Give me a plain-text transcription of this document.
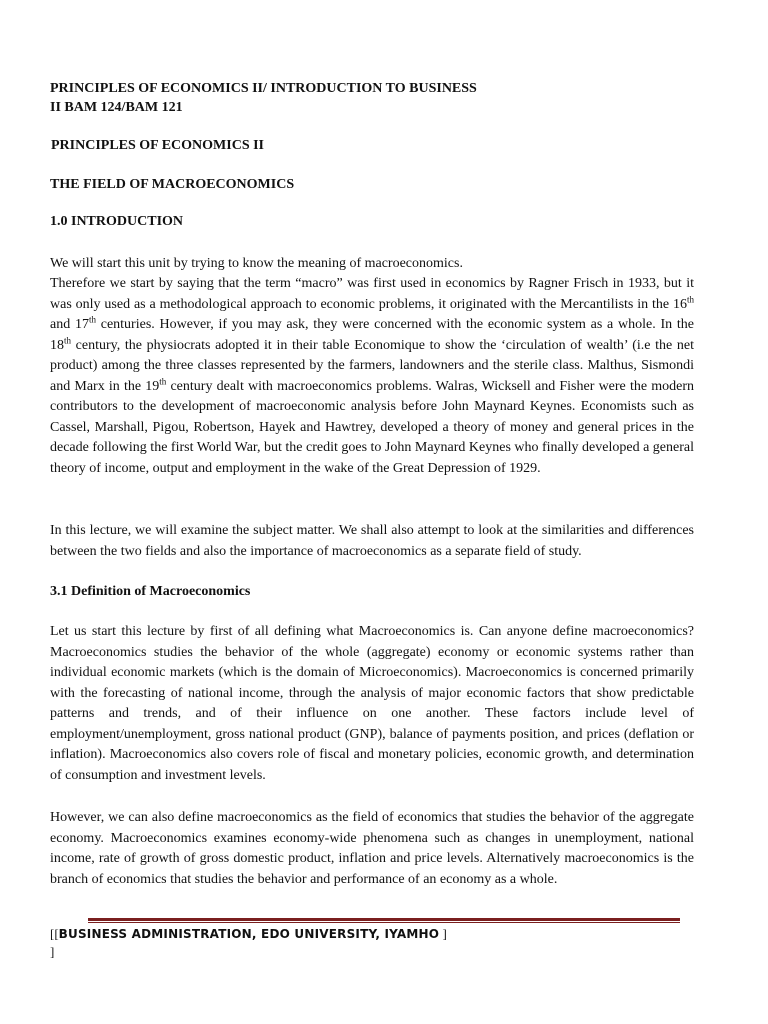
PRINCIPLES OF ECONOMICS II/ INTRODUCTION TO BUSINESS
II BAM 124/BAM 121

PRINCIPLES OF ECONOMICS II

THE FIELD OF MACROECONOMICS

1.0 INTRODUCTION

We will start this unit by trying to know the meaning of macroeconomics.

Therefore we start by saying that the term “macro” was first used in economics by Ragner Frisch in 1933, but it was only used as a methodological approach to economic problems, it originated with the Mercantilists in the 16th and 17th centuries. However, if you may ask, they were concerned with the economic system as a whole. In the 18th century, the physiocrats adopted it in their table Economique to show the ‘circulation of wealth’ (i.e the net product) among the three classes represented by the farmers, landowners and the sterile class. Malthus, Sismondi and Marx in the 19th century dealt with macroeconomics problems. Walras, Wicksell and Fisher were the modern contributors to the development of macroeconomic analysis before John Maynard Keynes. Economists such as Cassel, Marshall, Pigou, Robertson, Hayek and Hawtrey, developed a theory of money and general prices in the decade following the first World War, but the credit goes to John Maynard Keynes who finally developed a general theory of income, output and employment in the wake of the Great Depression of 1929.

In this lecture, we will examine the subject matter. We shall also attempt to look at the similarities and differences between the two fields and also the importance of macroeconomics as a separate field of study.

3.1 Definition of Macroeconomics

Let us start this lecture by first of all defining what Macroeconomics is. Can anyone define macroeconomics? Macroeconomics studies the behavior of the whole (aggregate) economy or economic systems rather than individual economic markets (which is the domain of Microeconomics). Macroeconomics is concerned primarily with the forecasting of national income, through the analysis of major economic factors that show predictable patterns and trends, and of their influence on one another. These factors include level of employment/unemployment, gross national product (GNP), balance of payments position, and prices (deflation or inflation). Macroeconomics also covers role of fiscal and monetary policies, economic growth, and determination of consumption and investment levels.

However, we can also define macroeconomics as the field of economics that studies the behavior of the aggregate economy. Macroeconomics examines economy-wide phenomena such as changes in unemployment, national income, rate of growth of gross domestic product, inflation and price levels. Alternatively macroeconomics is the branch of economics that studies the behavior and performance of an economy as a whole.

[[BUSINESS ADMINISTRATION, EDO UNIVERSITY, IYAMHO ]
]
